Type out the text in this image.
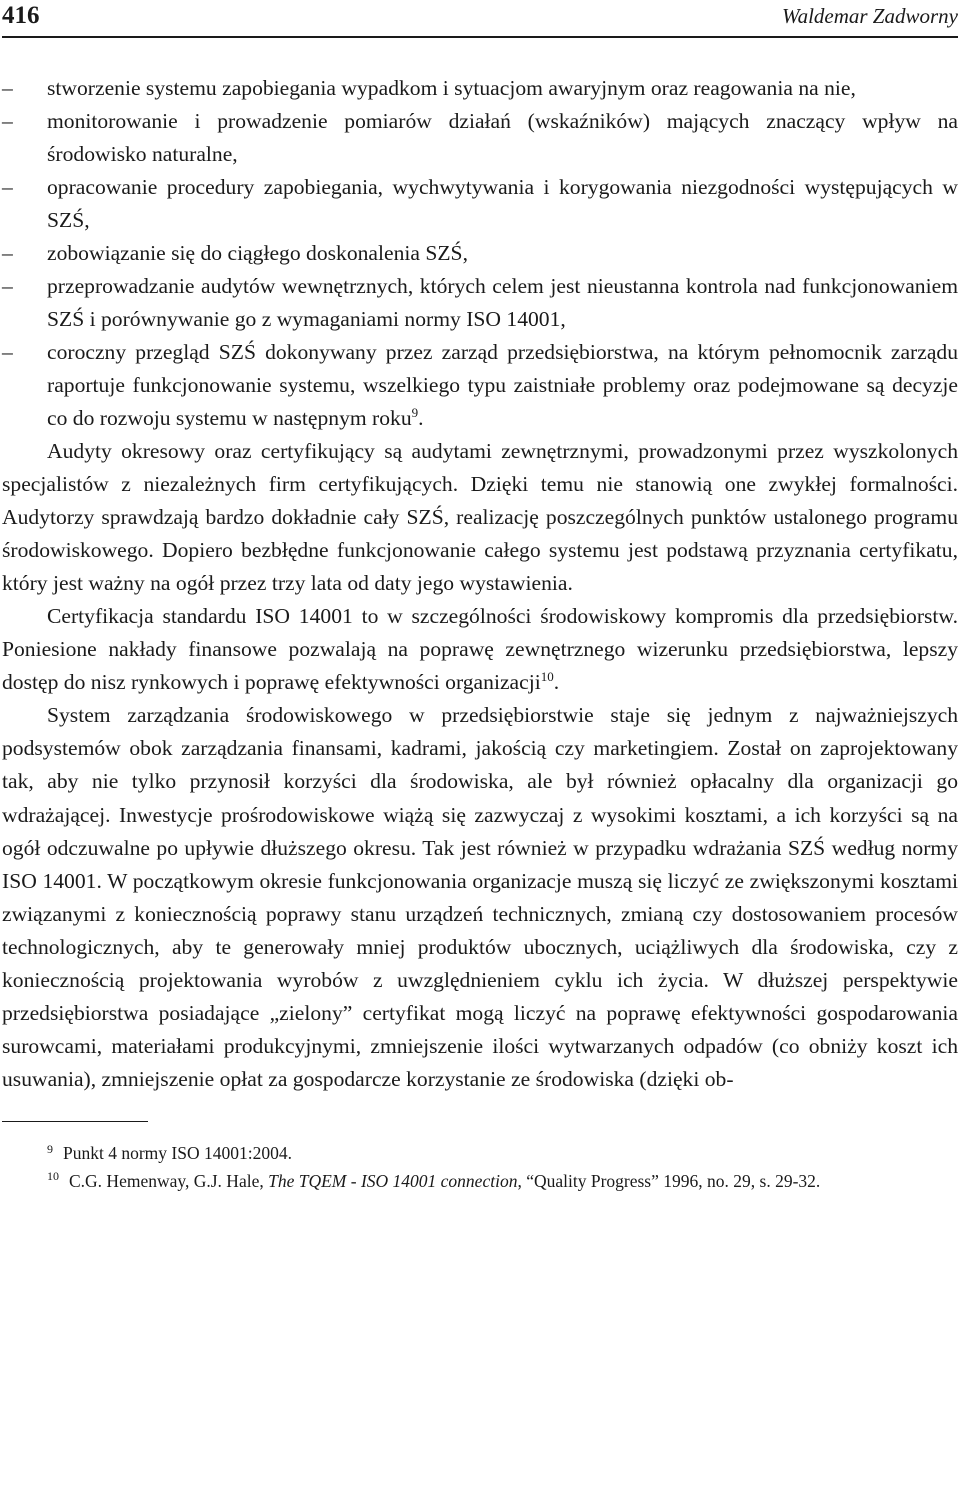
416	Waldemar Zadworny
–	stworzenie systemu zapobiegania wypadkom i sytuacjom awaryjnym oraz reagowania na nie,
–	monitorowanie i prowadzenie pomiarów działań (wskaźników) mających znaczący wpływ na środowisko naturalne,
–	opracowanie procedury zapobiegania, wychwytywania i korygowania niezgodności występujących w SZŚ,
–	zobowiązanie się do ciągłego doskonalenia SZŚ,
–	przeprowadzanie audytów wewnętrznych, których celem jest nieustanna kontrola nad funkcjonowaniem SZŚ i porównywanie go z wymaganiami normy ISO 14001,
–	coroczny przegląd SZŚ dokonywany przez zarząd przedsiębiorstwa, na którym pełnomocnik zarządu raportuje funkcjonowanie systemu, wszelkiego typu zaistniałe problemy oraz podejmowane są decyzje co do rozwoju systemu w następnym roku$^9$.

Audyty okresowy oraz certyfikujący są audytami zewnętrznymi, prowadzonymi przez wyszkolonych specjalistów z niezależnych firm certyfikujących. Dzięki temu nie stanowią one zwykłej formalności. Audytorzy sprawdzają bardzo dokładnie cały SZŚ, realizację poszczególnych punktów ustalonego programu środowiskowego. Dopiero bezbłędne funkcjonowanie całego systemu jest podstawą przyznania certyfikatu, który jest ważny na ogół przez trzy lata od daty jego wystawienia.

Certyfikacja standardu ISO 14001 to w szczególności środowiskowy kompromis dla przedsiębiorstw. Poniesione nakłady finansowe pozwalają na poprawę zewnętrznego wizerunku przedsiębiorstwa, lepszy dostęp do nisz rynkowych i poprawę efektywności organizacji$^{10}$.

System zarządzania środowiskowego w przedsiębiorstwie staje się jednym z najważniejszych podsystemów obok zarządzania finansami, kadrami, jakością czy marketingiem. Został on zaprojektowany tak, aby nie tylko przynosił korzyści dla środowiska, ale był również opłacalny dla organizacji go wdrażającej. Inwestycje prośrodowiskowe wiążą się zazwyczaj z wysokimi kosztami, a ich korzyści są na ogół odczuwalne po upływie dłuższego okresu. Tak jest również w przypadku wdrażania SZŚ według normy ISO 14001. W początkowym okresie funkcjonowania organizacje muszą się liczyć ze zwiększonymi kosztami związanymi z koniecznością poprawy stanu urządzeń technicznych, zmianą czy dostosowaniem procesów technologicznych, aby te generowały mniej produktów ubocznych, uciążliwych dla środowiska, czy z koniecznością projektowania wyrobów z uwzględnieniem cyklu ich życia. W dłuższej perspektywie przedsiębiorstwa posiadające „zielony” certyfikat mogą liczyć na poprawę efektywności gospodarowania surowcami, materiałami produkcyjnymi, zmniejszenie ilości wytwarzanych odpadów (co obniży koszt ich usuwania), zmniejszenie opłat za gospodarcze korzystanie ze środowiska (dzięki ob-

$^9$ Punkt 4 normy ISO 14001:2004.

$^{10}$ C.G. Hemenway, G.J. Hale, The TQEM - ISO 14001 connection, “Quality Progress” 1996, no. 29, s. 29-32.
